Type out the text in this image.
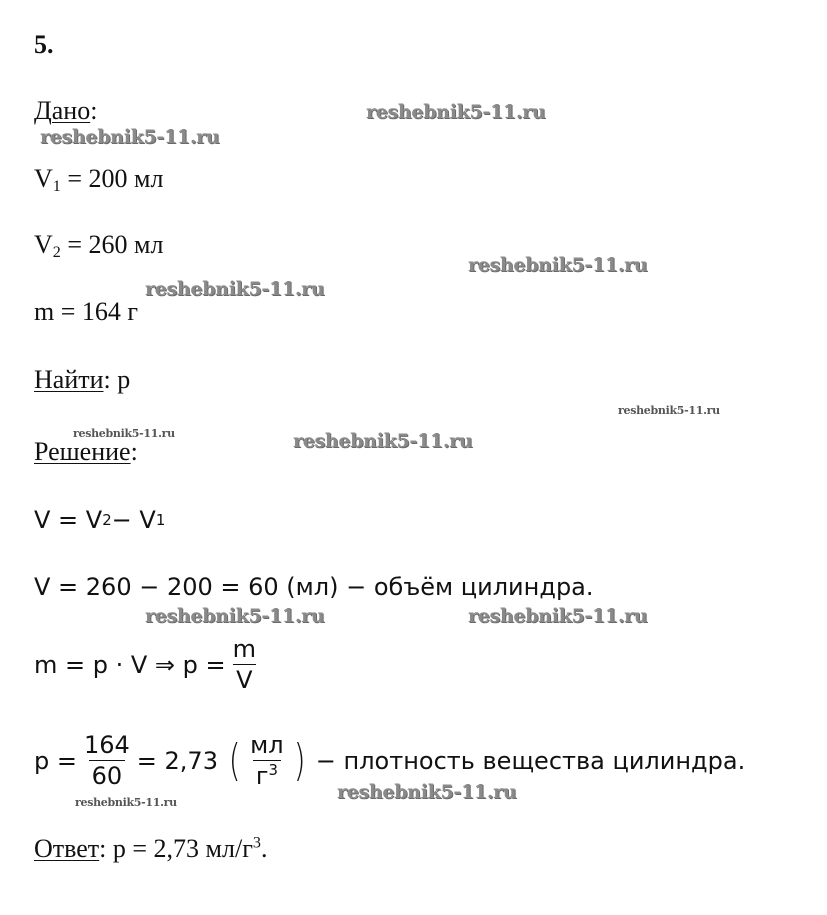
5.
Дано:
$V_1 = 200$ мл
$V_2 = 260$ мл
m = 164 г
Найти: p
Решение:
V = V 2 − V 1
V = 260 − 200 = 60 (мл) − объём цилиндра.
m = p · V ⇒ $p = \frac{m}{V}$
$p = \frac{164}{60} = 2,73$ ( $\frac{мл}{г^3}$ ) − плотность вещества цилиндра.
Ответ: p = 2,73 $мл/г^3$.
reshebnik5-11.ru
reshebnik5-11.ru
reshebnik5-11.ru
reshebnik5-11.ru
reshebnik5-11.ru
reshebnik5-11.ru	reshebnik5-11.ru
reshebnik5-11.ru	reshebnik5-11.ru
reshebnik5-11.ru
reshebnik5-11.ru
